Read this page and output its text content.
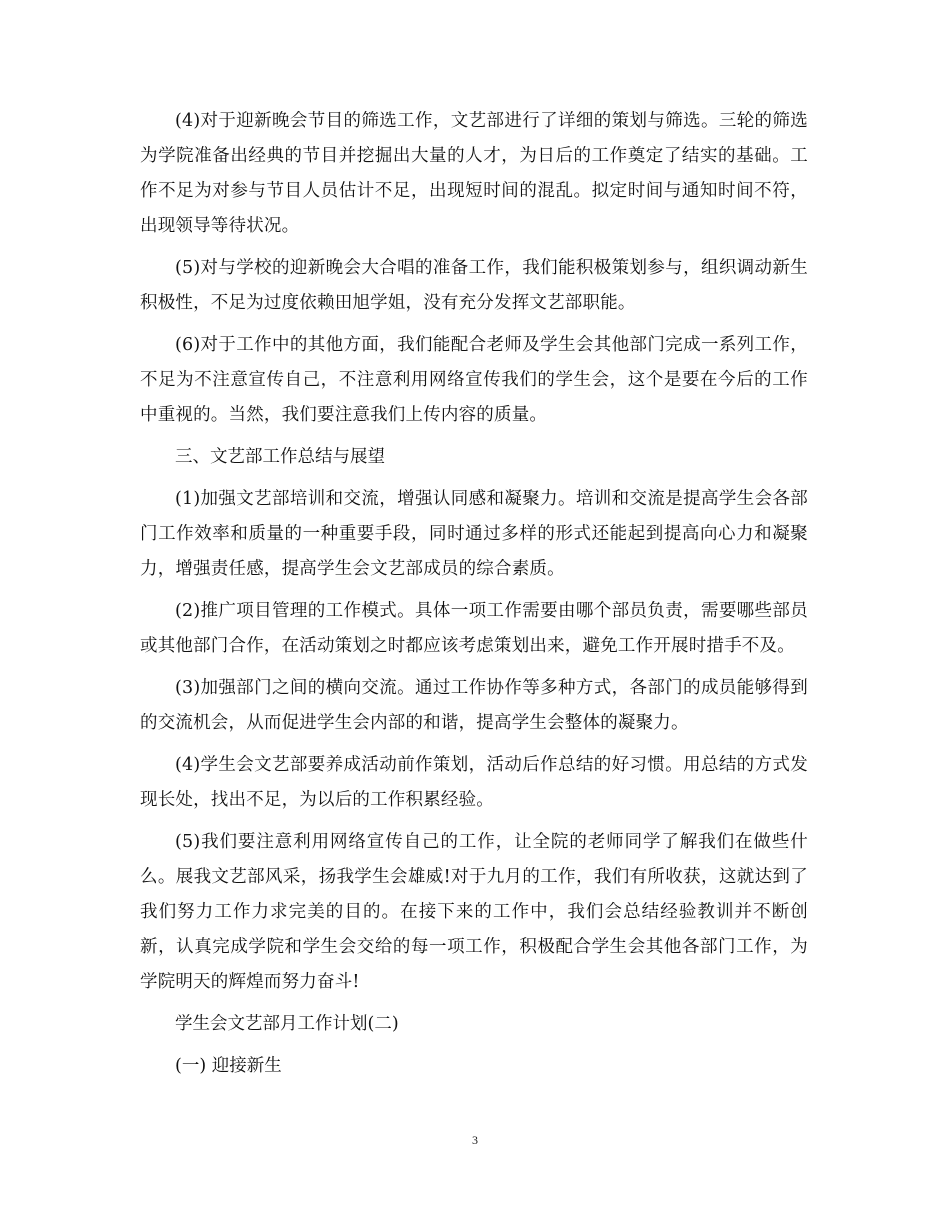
(4)对于迎新晚会节目的筛选工作，文艺部进行了详细的策划与筛选。三轮的筛选为学院准备出经典的节目并挖掘出大量的人才，为日后的工作奠定了结实的基础。工作不足为对参与节目人员估计不足，出现短时间的混乱。拟定时间与通知时间不符，出现领导等待状况。

(5)对与学校的迎新晚会大合唱的准备工作，我们能积极策划参与，组织调动新生积极性，不足为过度依赖田旭学姐，没有充分发挥文艺部职能。

(6)对于工作中的其他方面，我们能配合老师及学生会其他部门完成一系列工作，不足为不注意宣传自己，不注意利用网络宣传我们的学生会，这个是要在今后的工作中重视的。当然，我们要注意我们上传内容的质量。

三、文艺部工作总结与展望

(1)加强文艺部培训和交流，增强认同感和凝聚力。培训和交流是提高学生会各部门工作效率和质量的一种重要手段，同时通过多样的形式还能起到提高向心力和凝聚力，增强责任感，提高学生会文艺部成员的综合素质。

(2)推广项目管理的工作模式。具体一项工作需要由哪个部员负责，需要哪些部员或其他部门合作，在活动策划之时都应该考虑策划出来，避免工作开展时措手不及。

(3)加强部门之间的横向交流。通过工作协作等多种方式，各部门的成员能够得到的交流机会，从而促进学生会内部的和谐，提高学生会整体的凝聚力。

(4)学生会文艺部要养成活动前作策划，活动后作总结的好习惯。用总结的方式发现长处，找出不足，为以后的工作积累经验。

(5)我们要注意利用网络宣传自己的工作，让全院的老师同学了解我们在做些什么。展我文艺部风采，扬我学生会雄威!对于九月的工作，我们有所收获，这就达到了我们努力工作力求完美的目的。在接下来的工作中，我们会总结经验教训并不断创新，认真完成学院和学生会交给的每一项工作，积极配合学生会其他各部门工作，为学院明天的辉煌而努力奋斗!

学生会文艺部月工作计划(二)

(一) 迎接新生

3
